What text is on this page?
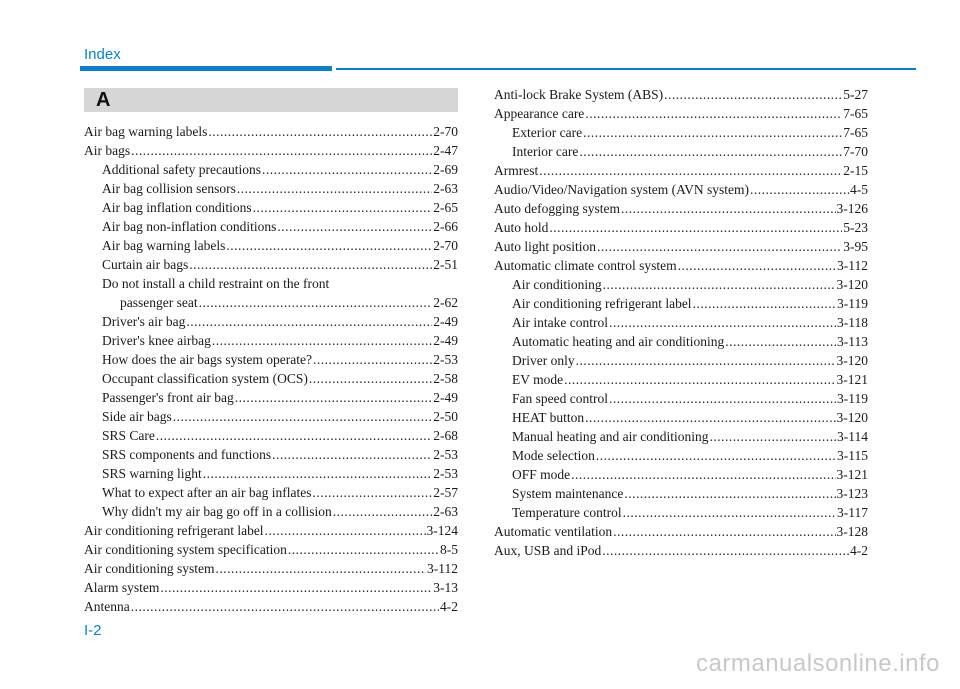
Index
A
Air bag warning labels .....	2-70
Air bags .....	2-47
Additional safety precautions .....	2-69
Air bag collision sensors .....	2-63
Air bag inflation conditions .....	2-65
Air bag non-inflation conditions .....	2-66
Air bag warning labels .....	2-70
Curtain air bags .....	2-51
Do not install a child restraint on the front
passenger seat .....	2-62
Driver's air bag .....	2-49
Driver's knee airbag .....	2-49
How does the air bags system operate? .....	2-53
Occupant classification system (OCS) .....	2-58
Passenger's front air bag .....	2-49
Side air bags .....	2-50
SRS Care .....	2-68
SRS components and functions .....	2-53
SRS warning light .....	2-53
What to expect after an air bag inflates .....	2-57
Why didn't my air bag go off in a collision .....	2-63
Air conditioning refrigerant label .....	3-124
Air conditioning system specification .....	8-5
Air conditioning system .....	3-112
Alarm system .....	3-13
Antenna .....	4-2
Anti-lock Brake System (ABS) .....	5-27
Appearance care .....	7-65
Exterior care .....	7-65
Interior care .....	7-70
Armrest .....	2-15
Audio/Video/Navigation system (AVN system) .....	4-5
Auto defogging system .....	3-126
Auto hold .....	5-23
Auto light position .....	3-95
Automatic climate control system .....	3-112
Air conditioning .....	3-120
Air conditioning refrigerant label .....	3-119
Air intake control .....	3-118
Automatic heating and air conditioning .....	3-113
Driver only .....	3-120
EV mode .....	3-121
Fan speed control .....	3-119
HEAT button .....	3-120
Manual heating and air conditioning .....	3-114
Mode selection .....	3-115
OFF mode .....	3-121
System maintenance .....	3-123
Temperature control .....	3-117
Automatic ventilation .....	3-128
Aux, USB and iPod .....	4-2
I-2
carmanualsonline.info
